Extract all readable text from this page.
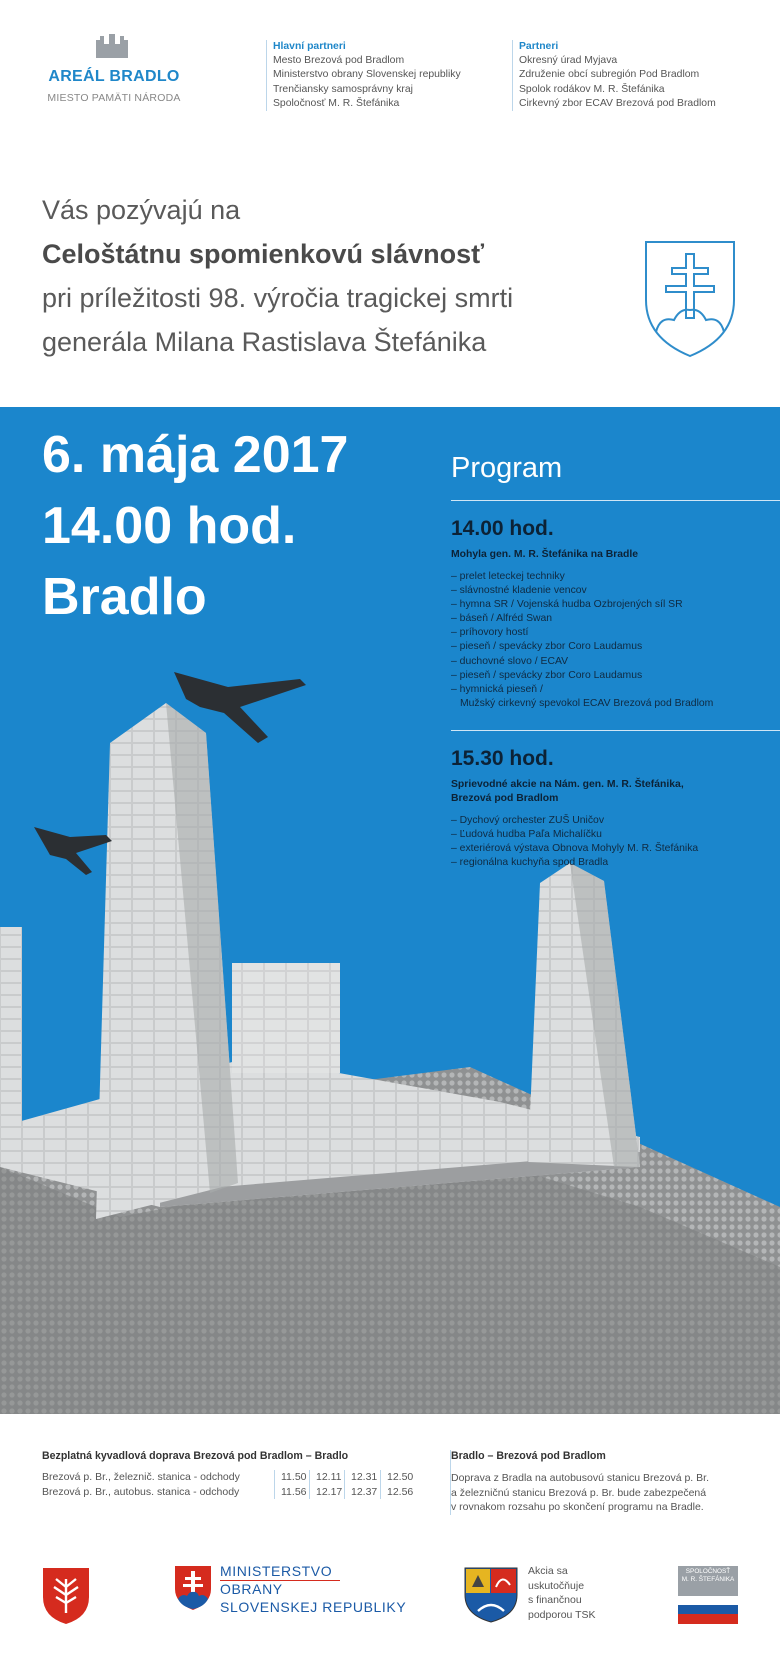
AREÁL BRADLO
MIESTO PAMÄTI NÁRODA
Hlavní partneri
Mesto Brezová pod Bradlom
Ministerstvo obrany Slovenskej republiky
Trenčiansky samosprávny kraj
Spoločnosť M. R. Štefánika
Partneri
Okresný úrad Myjava
Združenie obcí subregión Pod Bradlom
Spolok rodákov M. R. Štefánika
Cirkevný zbor ECAV Brezová pod Bradlom
Vás pozývajú na
Celoštátnu spomienkovú slávnosť
pri príležitosti 98. výročia tragickej smrti
generála Milana Rastislava Štefánika
6. mája 2017
14.00 hod.
Bradlo
Program
14.00 hod.
Mohyla gen. M. R. Štefánika na Bradle
– prelet leteckej techniky
– slávnostné kladenie vencov
– hymna SR / Vojenská hudba Ozbrojených síl SR
– báseň / Alfréd Swan
– príhovory hostí
– pieseň / spevácky zbor Coro Laudamus
– duchovné slovo / ECAV
– pieseň / spevácky zbor Coro Laudamus
– hymnická pieseň /
Mužský cirkevný spevokol ECAV Brezová pod Bradlom
15.30 hod.
Sprievodné akcie na Nám. gen. M. R. Štefánika,
Brezová pod Bradlom
– Dychový orchester ZUŠ Uničov
– Ľudová hudba Paľa Michalíčku
– exteriérová výstava Obnova Mohyly M. R. Štefánika
– regionálna kuchyňa spod Bradla
Bezplatná kyvadlová doprava Brezová pod Bradlom – Bradlo
Brezová p. Br., železnič. stanica - odchody
Brezová p. Br., autobus. stanica - odchody
11.50
11.56
12.11
12.17
12.31
12.37
12.50
12.56
Bradlo – Brezová pod Bradlom
Doprava z Bradla na autobusovú stanicu Brezová p. Br.
a železničnú stanicu Brezová p. Br. bude zabezpečená
v rovnakom rozsahu po skončení programu na Bradle.
MINISTERSTVO
OBRANY
SLOVENSKEJ REPUBLIKY
Akcia sa
uskutočňuje
s finančnou
podporou TSK
SPOLOČNOSŤ
M. R. ŠTEFÁNIKA
